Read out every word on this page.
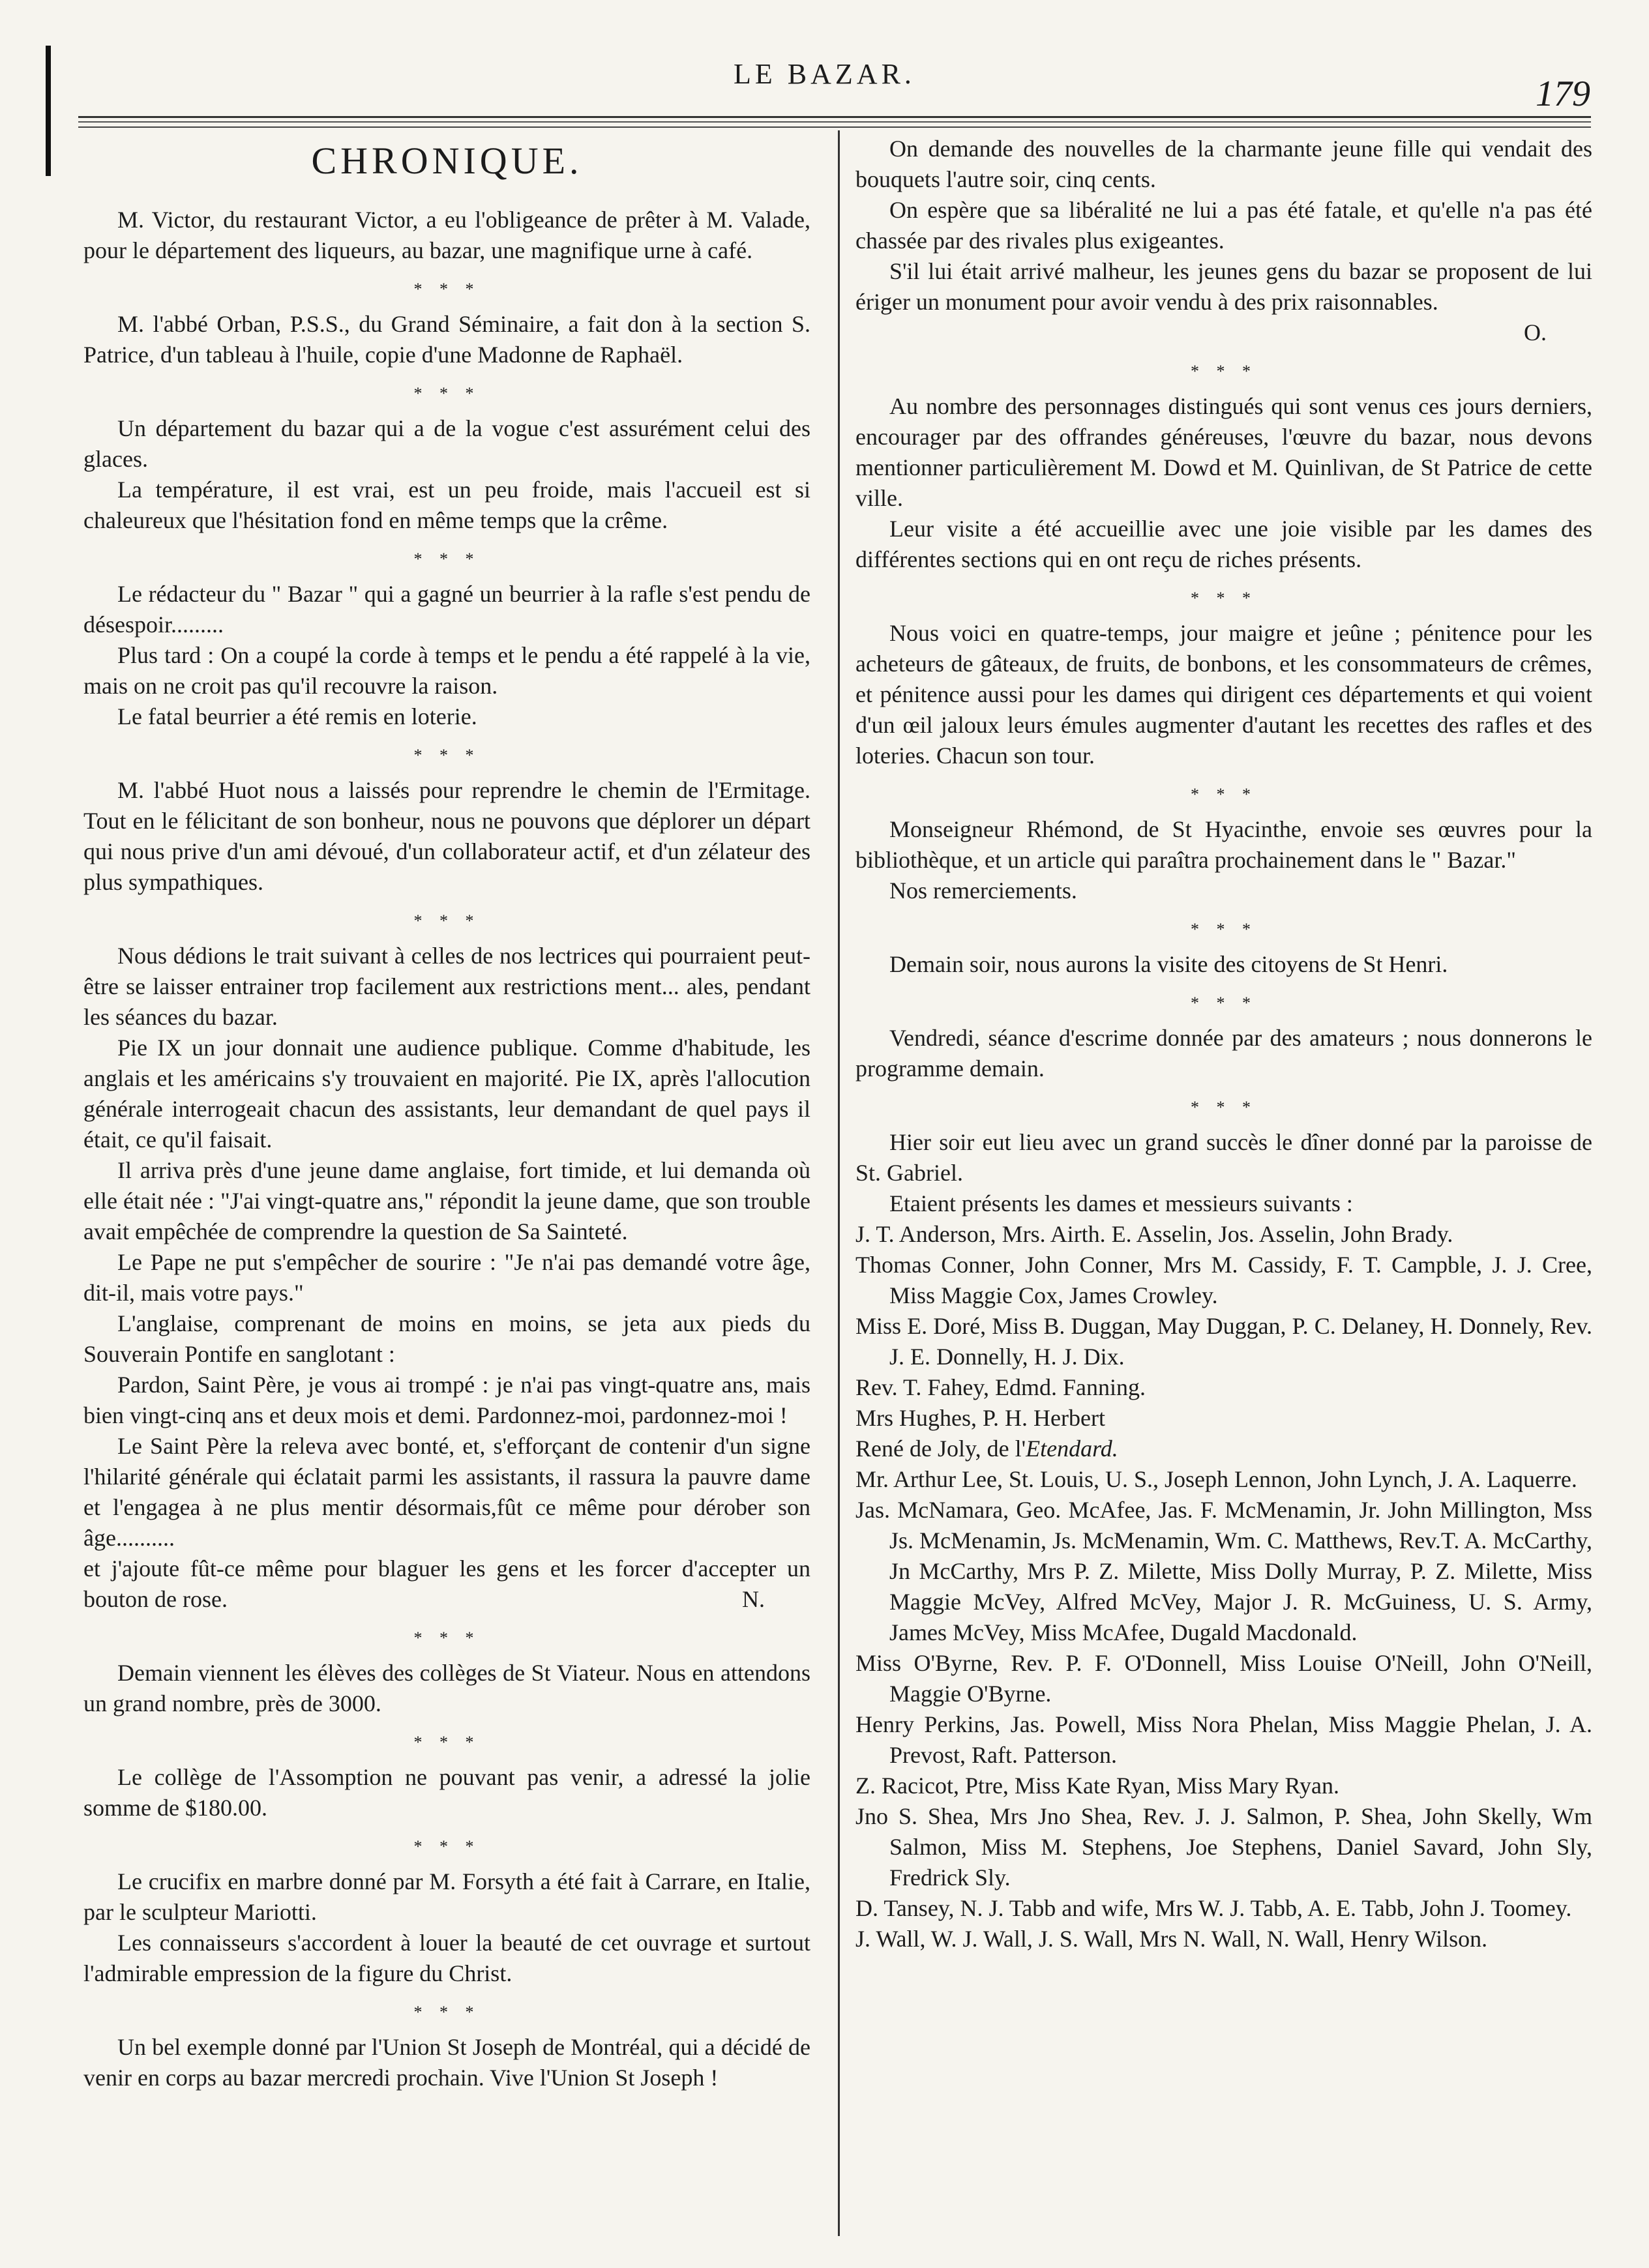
LE BAZAR.	179
CHRONIQUE.

M. Victor, du restaurant Victor, a eu l'obligeance de prêter à M. Valade, pour le département des liqueurs, au bazar, une magnifique urne à café.

* * *

M. l'abbé Orban, P.S.S., du Grand Séminaire, a fait don à la section S. Patrice, d'un tableau à l'huile, copie d'une Madonne de Raphaël.

* * *

Un département du bazar qui a de la vogue c'est assurément celui des glaces.

La température, il est vrai, est un peu froide, mais l'accueil est si chaleureux que l'hésitation fond en même temps que la crême.

* * *

Le rédacteur du " Bazar " qui a gagné un beurrier à la rafle s'est pendu de désespoir.........

Plus tard : On a coupé la corde à temps et le pendu a été rappelé à la vie, mais on ne croit pas qu'il recouvre la raison.

Le fatal beurrier a été remis en loterie.

* * *

M. l'abbé Huot nous a laissés pour reprendre le chemin de l'Ermitage. Tout en le félicitant de son bonheur, nous ne pouvons que déplorer un départ qui nous prive d'un ami dévoué, d'un collaborateur actif, et d'un zélateur des plus sympathiques.

* * *

Nous dédions le trait suivant à celles de nos lectrices qui pourraient peut-être se laisser entrainer trop facilement aux restrictions ment... ales, pendant les séances du bazar.

Pie IX un jour donnait une audience publique. Comme d'habitude, les anglais et les américains s'y trouvaient en majorité. Pie IX, après l'allocution générale interrogeait chacun des assistants, leur demandant de quel pays il était, ce qu'il faisait.

Il arriva près d'une jeune dame anglaise, fort timide, et lui demanda où elle était née : "J'ai vingt-quatre ans," répondit la jeune dame, que son trouble avait empêchée de comprendre la question de Sa Sainteté.

Le Pape ne put s'empêcher de sourire : "Je n'ai pas demandé votre âge, dit-il, mais votre pays."

L'anglaise, comprenant de moins en moins, se jeta aux pieds du Souverain Pontife en sanglotant :

Pardon, Saint Père, je vous ai trompé : je n'ai pas vingt-quatre ans, mais bien vingt-cinq ans et deux mois et demi. Pardonnez-moi, pardonnez-moi !

Le Saint Père la releva avec bonté, et, s'efforçant de contenir d'un signe l'hilarité générale qui éclatait parmi les assistants, il rassura la pauvre dame et l'engagea à ne plus mentir désormais,fût ce même pour dérober son âge..........

et j'ajoute fût-ce même pour blaguer les gens et les forcer d'accepter un bouton de rose.	N.

* * *

Demain viennent les élèves des collèges de St Viateur. Nous en attendons un grand nombre, près de 3000.

* * *

Le collège de l'Assomption ne pouvant pas venir, a adressé la jolie somme de $180.00.

* * *

Le crucifix en marbre donné par M. Forsyth a été fait à Carrare, en Italie, par le sculpteur Mariotti.

Les connaisseurs s'accordent à louer la beauté de cet ouvrage et surtout l'admirable empression de la figure du Christ.

* * *

Un bel exemple donné par l'Union St Joseph de Montréal, qui a décidé de venir en corps au bazar mercredi prochain. Vive l'Union St Joseph !

On demande des nouvelles de la charmante jeune fille qui vendait des bouquets l'autre soir, cinq cents.

On espère que sa libéralité ne lui a pas été fatale, et qu'elle n'a pas été chassée par des rivales plus exigeantes.

S'il lui était arrivé malheur, les jeunes gens du bazar se proposent de lui ériger un monument pour avoir vendu à des prix raisonnables.

O.

* * *

Au nombre des personnages distingués qui sont venus ces jours derniers, encourager par des offrandes généreuses, l'œuvre du bazar, nous devons mentionner particulièrement M. Dowd et M. Quinlivan, de St Patrice de cette ville.

Leur visite a été accueillie avec une joie visible par les dames des différentes sections qui en ont reçu de riches présents.

* * *

Nous voici en quatre-temps, jour maigre et jeûne ; pénitence pour les acheteurs de gâteaux, de fruits, de bonbons, et les consommateurs de crêmes, et pénitence aussi pour les dames qui dirigent ces départements et qui voient d'un œil jaloux leurs émules augmenter d'autant les recettes des rafles et des loteries. Chacun son tour.

* * *

Monseigneur Rhémond, de St Hyacinthe, envoie ses œuvres pour la bibliothèque, et un article qui paraîtra prochainement dans le " Bazar."

Nos remerciements.

* * *

Demain soir, nous aurons la visite des citoyens de St Henri.

* * *

Vendredi, séance d'escrime donnée par des amateurs ; nous donnerons le programme demain.

* * *

Hier soir eut lieu avec un grand succès le dîner donné par la paroisse de St. Gabriel.

Etaient présents les dames et messieurs suivants :

J. T. Anderson, Mrs. Airth. E. Asselin, Jos. Asselin, John Brady.

Thomas Conner, John Conner, Mrs M. Cassidy, F. T. Campble, J. J. Cree, Miss Maggie Cox, James Crowley.

Miss E. Doré, Miss B. Duggan, May Duggan, P. C. Delaney, H. Donnely, Rev. J. E. Donnelly, H. J. Dix.

Rev. T. Fahey, Edmd. Fanning.

Mrs Hughes, P. H. Herbert

René de Joly, de l'Etendard.

Mr. Arthur Lee, St. Louis, U. S., Joseph Lennon, John Lynch, J. A. Laquerre.

Jas. McNamara, Geo. McAfee, Jas. F. McMenamin, Jr. John Millington, Mss Js. McMenamin, Js. McMenamin, Wm. C. Matthews, Rev.T. A. McCarthy, Jn McCarthy, Mrs P. Z. Milette, Miss Dolly Murray, P. Z. Milette, Miss Maggie McVey, Alfred McVey, Major J. R. McGuiness, U. S. Army, James McVey, Miss McAfee, Dugald Macdonald.

Miss O'Byrne, Rev. P. F. O'Donnell, Miss Louise O'Neill, John O'Neill, Maggie O'Byrne.

Henry Perkins, Jas. Powell, Miss Nora Phelan, Miss Maggie Phelan, J. A. Prevost, Raft. Patterson.

Z. Racicot, Ptre, Miss Kate Ryan, Miss Mary Ryan.

Jno S. Shea, Mrs Jno Shea, Rev. J. J. Salmon, P. Shea, John Skelly, Wm Salmon, Miss M. Stephens, Joe Stephens, Daniel Savard, John Sly, Fredrick Sly.

D. Tansey, N. J. Tabb and wife, Mrs W. J. Tabb, A. E. Tabb, John J. Toomey.

J. Wall, W. J. Wall, J. S. Wall, Mrs N. Wall, N. Wall, Henry Wilson.
